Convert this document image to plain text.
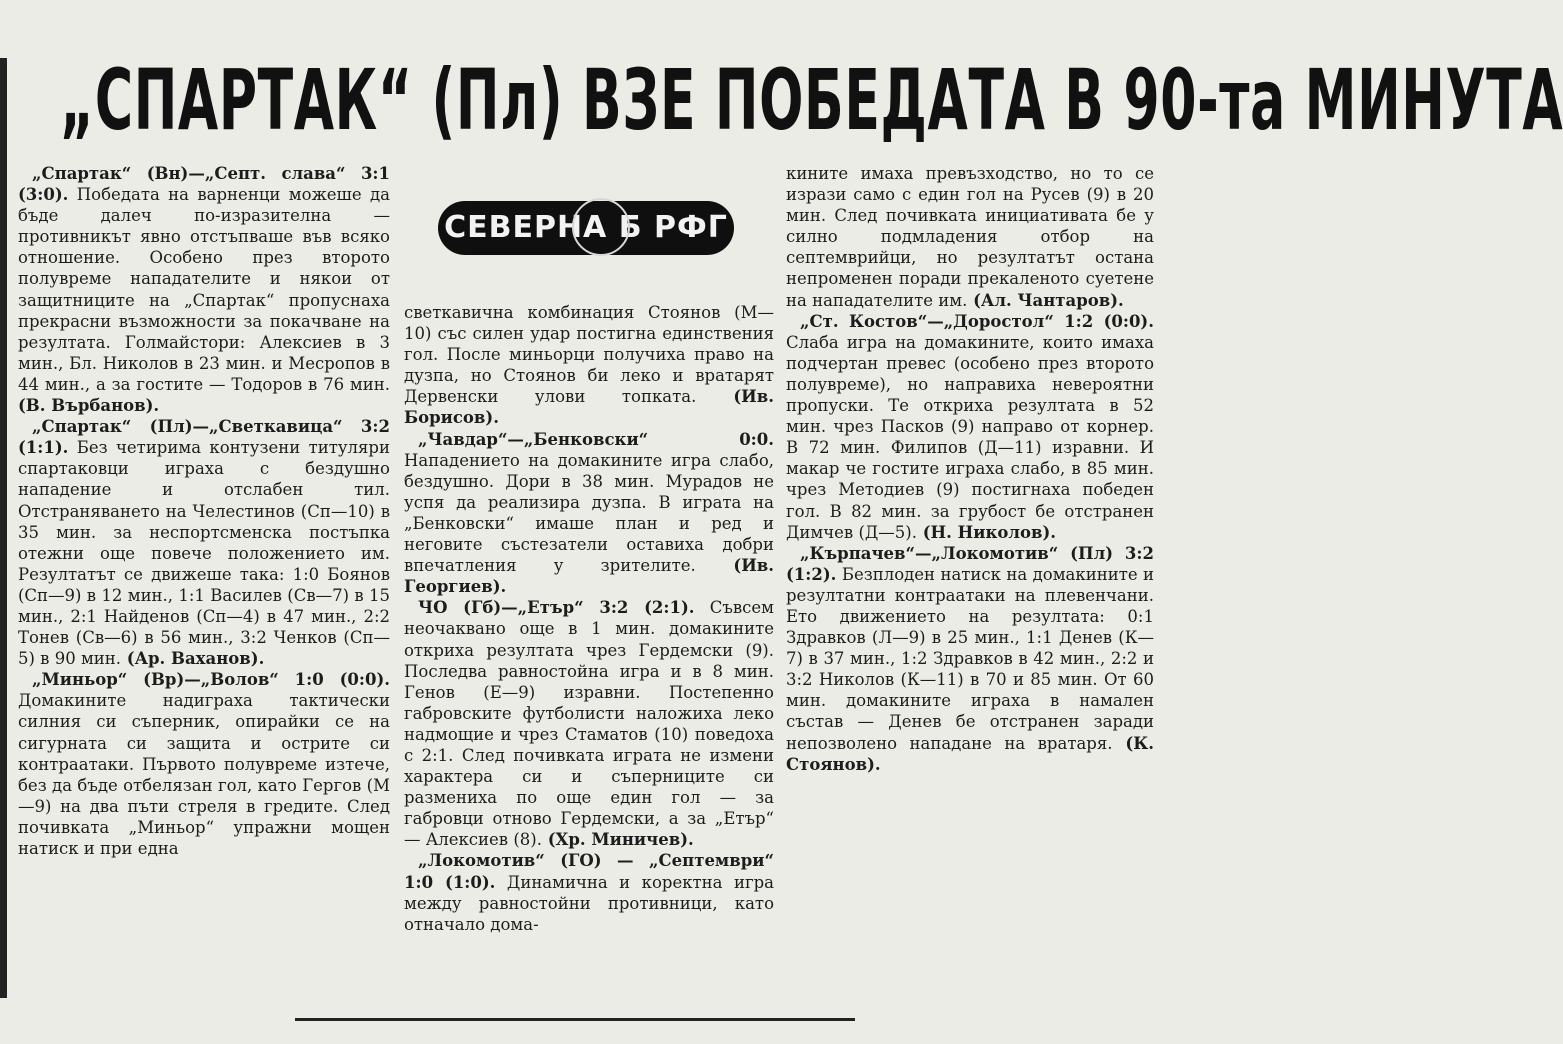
„СПАРТАК“ (Пл) ВЗЕ ПОБЕДАТА В 90-та МИНУТА
СЕВЕРНА Б РФГ

„Спартак“ (Вн)—„Септ. слава“ 3:1 (3:0). Победата на варненци можеше да бъде далеч по-изразителна — противникът явно отстъпваше във всяко отношение. Особено през второто полувреме нападателите и някои от защитниците на „Спартак“ пропуснаха прекрасни възможности за покачване на резултата. Голмайстори: Алексиев в 3 мин., Бл. Николов в 23 мин. и Месропов в 44 мин., а за гостите — Тодоров в 76 мин. (В. Върбанов).

„Спартак“ (Пл)—„Светкавица“ 3:2 (1:1). Без четирима контузени титуляри спартаковци играха с бездушно нападение и отслабен тил. Отстраняването на Челестинов (Сп—10) в 35 мин. за неспортсменска постъпка отежни още повече положението им. Резултатът се движеше така: 1:0 Боянов (Сп—9) в 12 мин., 1:1 Василев (Св—7) в 15 мин., 2:1 Найденов (Сп—4) в 47 мин., 2:2 Тонев (Св—6) в 56 мин., 3:2 Ченков (Сп—5) в 90 мин. (Ар. Ваханов).

„Миньор“ (Вр)—„Волов“ 1:0 (0:0). Домакините надиграха тактически силния си съперник, опирайки се на сигурната си защита и острите си контраатаки. Първото полувреме изтече, без да бъде отбелязан гол, като Гергов (М—9) на два пъти стреля в гредите. След почивката „Миньор“ упражни мощен натиск и при една

светкавична комбинация Стоянов (М—10) със силен удар постигна единствения гол. После миньорци получиха право на дузпа, но Стоянов би леко и вратарят Дервенски улови топката. (Ив. Борисов).

„Чавдар“—„Бенковски“ 0:0. Нападението на домакините игра слабо, бездушно. Дори в 38 мин. Мурадов не успя да реализира дузпа. В играта на „Бенковски“ имаше план и ред и неговите състезатели оставиха добри впечатления у зрителите. (Ив. Георгиев).

ЧО (Гб)—„Етър“ 3:2 (2:1). Съвсем неочаквано още в 1 мин. домакините откриха резултата чрез Гердемски (9). Последва равностойна игра и в 8 мин. Генов (Е—9) изравни. Постепенно габровските футболисти наложиха леко надмощие и чрез Стаматов (10) поведоха с 2:1. След почивката играта не измени характера си и съперниците си размениха по още един гол — за габровци отново Гердемски, а за „Етър“ — Алексиев (8). (Хр. Миничев).

„Локомотив“ (ГО) — „Септември“ 1:0 (1:0). Динамична и коректна игра между равностойни противници, като отначало дома-

кините имаха превъзходство, но то се изрази само с един гол на Русев (9) в 20 мин. След почивката инициативата бе у силно подмладения отбор на септемврийци, но резултатът остана непроменен поради прекаленото суетене на нападателите им. (Ал. Чантаров).

„Ст. Костов“—„Доростол“ 1:2 (0:0). Слаба игра на домакините, които имаха подчертан превес (особено през второто полувреме), но направиха невероятни пропуски. Те откриха резултата в 52 мин. чрез Пасков (9) направо от корнер. В 72 мин. Филипов (Д—11) изравни. И макар че гостите играха слабо, в 85 мин. чрез Методиев (9) постигнаха победен гол. В 82 мин. за грубост бе отстранен Димчев (Д—5). (Н. Николов).

„Кърпачев“—„Локомотив“ (Пл) 3:2 (1:2). Безплоден натиск на домакините и резултатни контраатаки на плевенчани. Ето движението на резултата: 0:1 Здравков (Л—9) в 25 мин., 1:1 Денев (К—7) в 37 мин., 1:2 Здравков в 42 мин., 2:2 и 3:2 Николов (К—11) в 70 и 85 мин. От 60 мин. домакините играха в намален състав — Денев бе отстранен заради непозволено нападане на вратаря. (К. Стоянов).
